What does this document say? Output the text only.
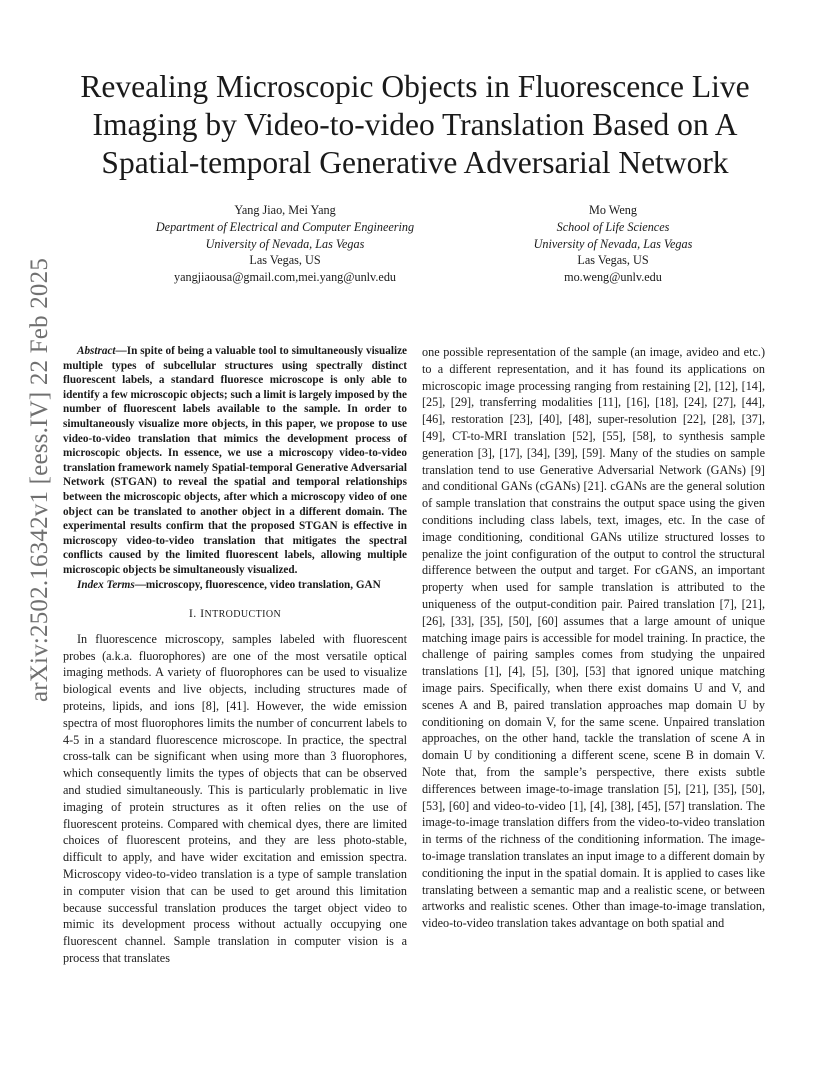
arXiv:2502.16342v1 [eess.IV] 22 Feb 2025
Revealing Microscopic Objects in Fluorescence Live Imaging by Video-to-video Translation Based on A Spatial-temporal Generative Adversarial Network
Yang Jiao, Mei Yang
Department of Electrical and Computer Engineering
University of Nevada, Las Vegas
Las Vegas, US
yangjiaousa@gmail.com,mei.yang@unlv.edu
Mo Weng
School of Life Sciences
University of Nevada, Las Vegas
Las Vegas, US
mo.weng@unlv.edu

Abstract—In spite of being a valuable tool to simultaneously visualize multiple types of subcellular structures using spectrally distinct fluorescent labels, a standard fluoresce microscope is only able to identify a few microscopic objects; such a limit is largely imposed by the number of fluorescent labels available to the sample. In order to simultaneously visualize more objects, in this paper, we propose to use video-to-video translation that mimics the development process of microscopic objects. In essence, we use a microscopy video-to-video translation framework namely Spatial-temporal Generative Adversarial Network (STGAN) to reveal the spatial and temporal relationships between the microscopic objects, after which a microscopy video of one object can be translated to another object in a different domain. The experimental results confirm that the proposed STGAN is effective in microscopy video-to-video translation that mitigates the spectral conflicts caused by the limited fluorescent labels, allowing multiple microscopic objects be simultaneously visualized.

Index Terms—microscopy, fluorescence, video translation, GAN

I. INTRODUCTION

In fluorescence microscopy, samples labeled with fluorescent probes (a.k.a. fluorophores) are one of the most versatile optical imaging methods. A variety of fluorophores can be used to visualize biological events and live objects, including structures made of proteins, lipids, and ions [8], [41]. However, the wide emission spectra of most fluorophores limits the number of concurrent labels to 4-5 in a standard fluorescence microscope. In practice, the spectral cross-talk can be significant when using more than 3 fluorophores, which consequently limits the types of objects that can be observed and studied simultaneously. This is particularly problematic in live imaging of protein structures as it often relies on the use of fluorescent proteins. Compared with chemical dyes, there are limited choices of fluorescent proteins, and they are less photo-stable, difficult to apply, and have wider excitation and emission spectra. Microscopy video-to-video translation is a type of sample translation in computer vision that can be used to get around this limitation because successful translation produces the target object video to mimic its development process without actually occupying one fluorescent channel. Sample translation in computer vision is a process that translates

one possible representation of the sample (an image, avideo and etc.) to a different representation, and it has found its applications on microscopic image processing ranging from restaining [2], [12], [14], [25], [29], transferring modalities [11], [16], [18], [24], [27], [44], [46], restoration [23], [40], [48], super-resolution [22], [28], [37], [49], CT-to-MRI translation [52], [55], [58], to synthesis sample generation [3], [17], [34], [39], [59]. Many of the studies on sample translation tend to use Generative Adversarial Network (GANs) [9] and conditional GANs (cGANs) [21]. cGANs are the general solution of sample translation that constrains the output space using the given conditions including class labels, text, images, etc. In the case of image conditioning, conditional GANs utilize structured losses to penalize the joint configuration of the output to control the structural difference between the output and target. For cGANS, an important property when used for sample translation is attributed to the uniqueness of the output-condition pair. Paired translation [7], [21], [26], [33], [35], [50], [60] assumes that a large amount of unique matching image pairs is accessible for model training. In practice, the challenge of pairing samples comes from studying the unpaired translations [1], [4], [5], [30], [53] that ignored unique matching image pairs. Specifically, when there exist domains U and V, and scenes A and B, paired translation approaches map domain U by conditioning on domain V, for the same scene. Unpaired translation approaches, on the other hand, tackle the translation of scene A in domain U by conditioning a different scene, scene B in domain V. Note that, from the sample’s perspective, there exists subtle differences between image-to-image translation [5], [21], [35], [50], [53], [60] and video-to-video [1], [4], [38], [45], [57] translation. The image-to-image translation differs from the video-to-video translation in terms of the richness of the conditioning information. The image-to-image translation translates an input image to a different domain by conditioning the input in the spatial domain. It is applied to cases like translating between a semantic map and a realistic scene, or between artworks and realistic scenes. Other than image-to-image translation, video-to-video translation takes advantage on both spatial and
